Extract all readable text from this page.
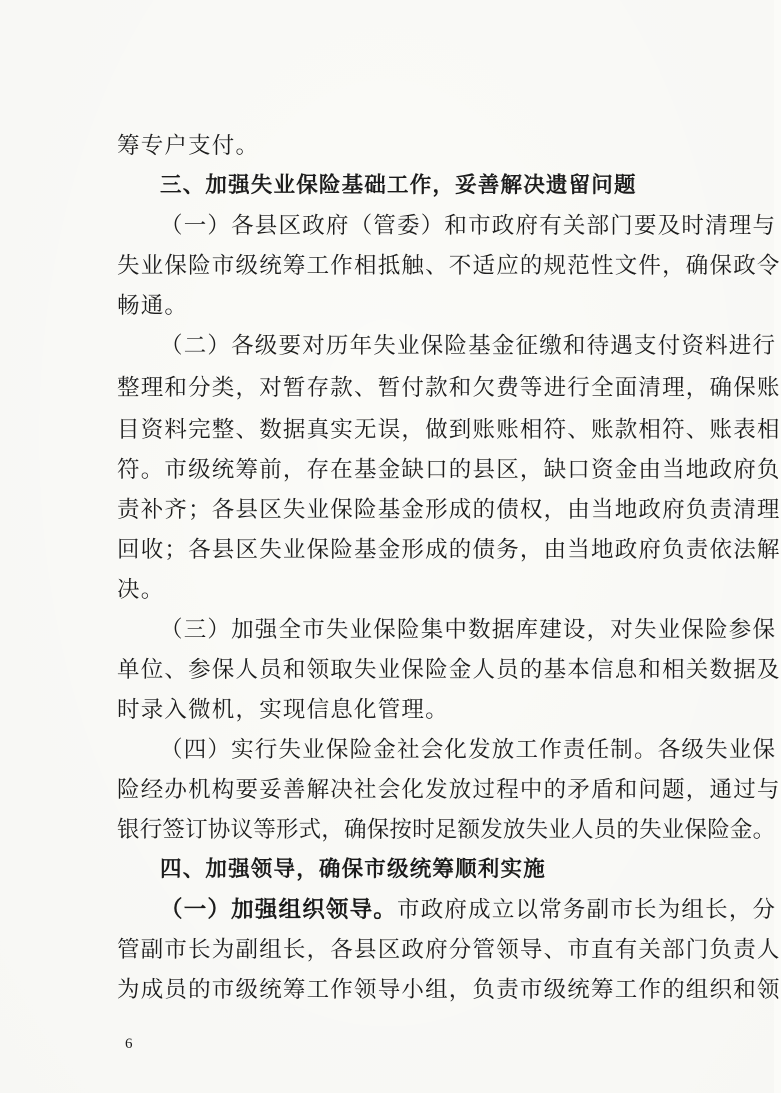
筹专户支付。
三、加强失业保险基础工作，妥善解决遗留问题
（一）各县区政府（管委）和市政府有关部门要及时清理与
失业保险市级统筹工作相抵触、不适应的规范性文件，确保政令
畅通。
（二）各级要对历年失业保险基金征缴和待遇支付资料进行
整理和分类，对暂存款、暂付款和欠费等进行全面清理，确保账
目资料完整、数据真实无误，做到账账相符、账款相符、账表相
符。市级统筹前，存在基金缺口的县区，缺口资金由当地政府负
责补齐；各县区失业保险基金形成的债权，由当地政府负责清理
回收；各县区失业保险基金形成的债务，由当地政府负责依法解
决。
（三）加强全市失业保险集中数据库建设，对失业保险参保
单位、参保人员和领取失业保险金人员的基本信息和相关数据及
时录入微机，实现信息化管理。
（四）实行失业保险金社会化发放工作责任制。各级失业保
险经办机构要妥善解决社会化发放过程中的矛盾和问题，通过与
银行签订协议等形式，确保按时足额发放失业人员的失业保险金。
四、加强领导，确保市级统筹顺利实施
（一）加强组织领导。市政府成立以常务副市长为组长，分
管副市长为副组长，各县区政府分管领导、市直有关部门负责人
为成员的市级统筹工作领导小组，负责市级统筹工作的组织和领
6
